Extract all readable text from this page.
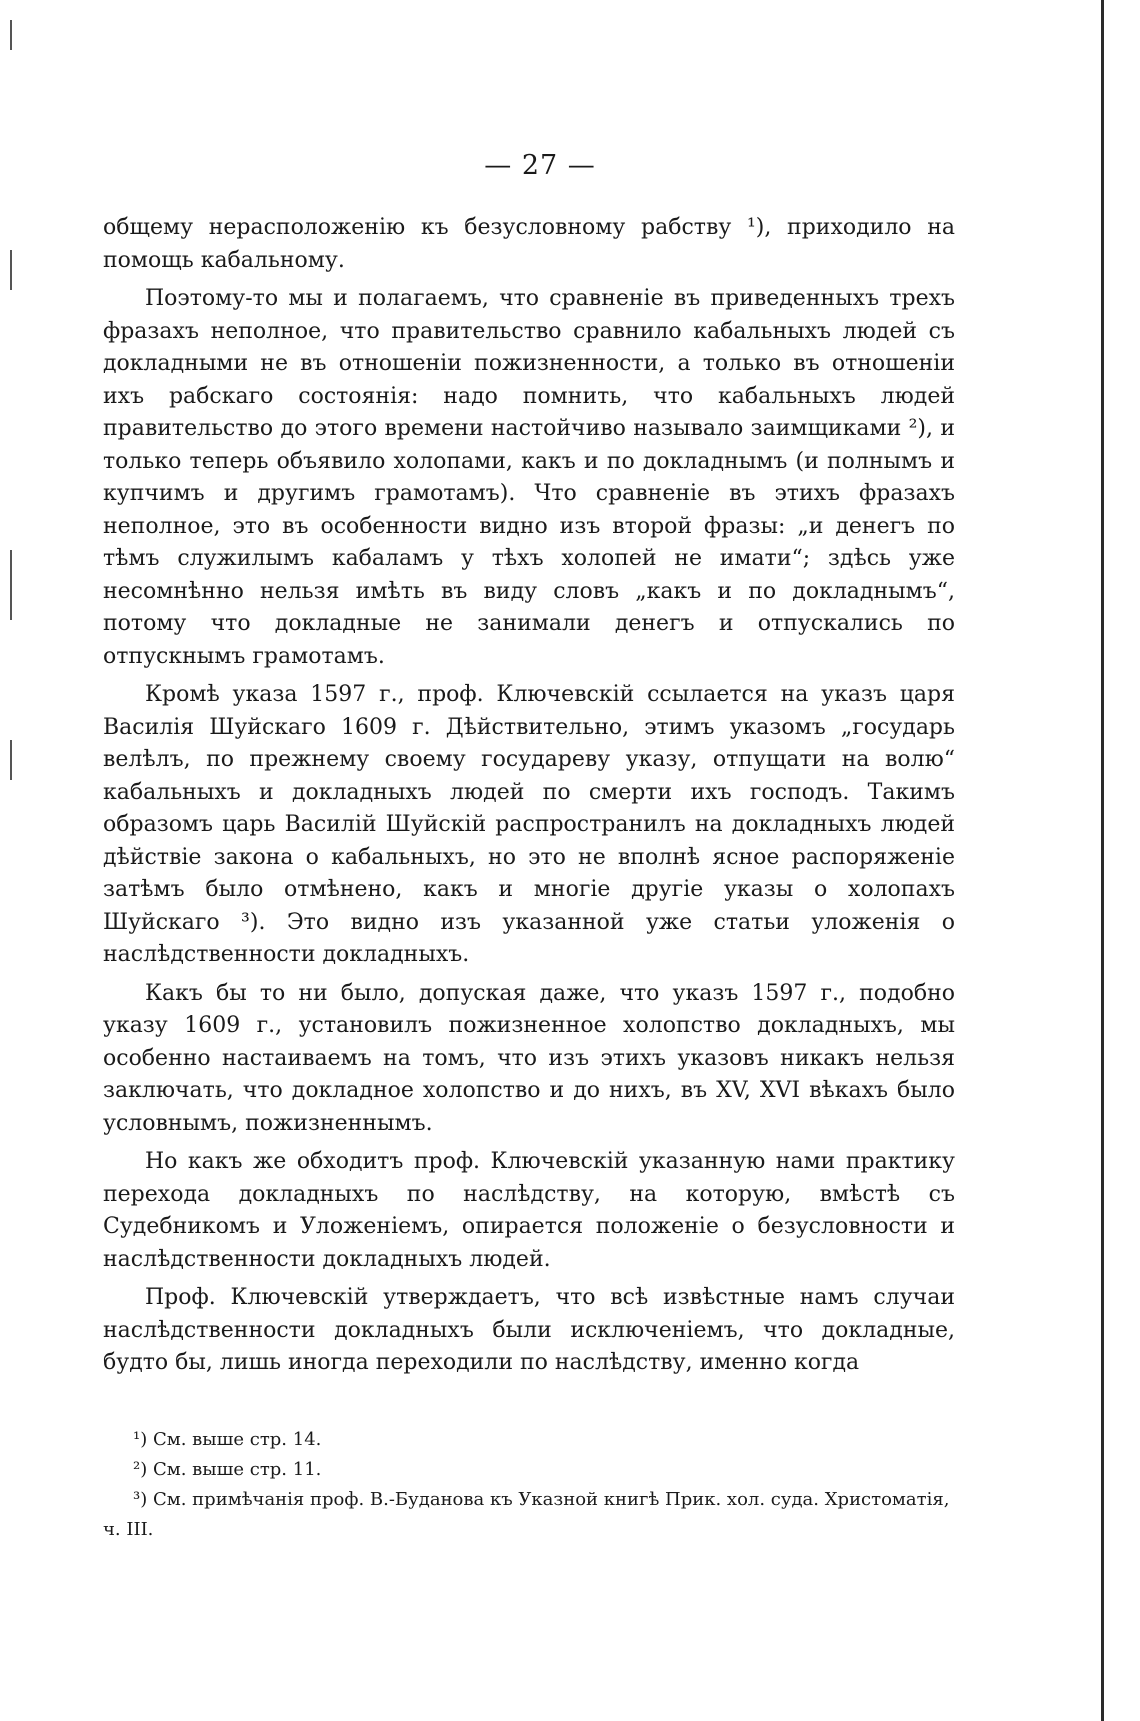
— 27 —

общему нерасположенію къ безусловному рабству ¹), приходило на помощь кабальному.

Поэтому-то мы и полагаемъ, что сравненіе въ приведенныхъ трехъ фразахъ неполное, что правительство сравнило кабальныхъ людей съ докладными не въ отношеніи пожизненности, а только въ отношеніи ихъ рабскаго состоянія: надо помнить, что кабальныхъ людей правительство до этого времени настойчиво называло заимщиками ²), и только теперь объявило холопами, какъ и по докладнымъ (и полнымъ и купчимъ и другимъ грамотамъ). Что сравненіе въ этихъ фразахъ неполное, это въ особенности видно изъ второй фразы: „и денегъ по тѣмъ служилымъ кабаламъ у тѣхъ холопей не имати“; здѣсь уже несомнѣнно нельзя имѣть въ виду словъ „какъ и по докладнымъ“, потому что докладные не занимали денегъ и отпускались по отпускнымъ грамотамъ.

Кромѣ указа 1597 г., проф. Ключевскій ссылается на указъ царя Василія Шуйскаго 1609 г. Дѣйствительно, этимъ указомъ „государь велѣлъ, по прежнему своему государеву указу, отпущати на волю“ кабальныхъ и докладныхъ людей по смерти ихъ господъ. Такимъ образомъ царь Василій Шуйскій распространилъ на докладныхъ людей дѣйствіе закона о кабальныхъ, но это не вполнѣ ясное распоряженіе затѣмъ было отмѣнено, какъ и многіе другіе указы о холопахъ Шуйскаго ³). Это видно изъ указанной уже статьи уложенія о наслѣдственности докладныхъ.

Какъ бы то ни было, допуская даже, что указъ 1597 г., подобно указу 1609 г., установилъ пожизненное холопство докладныхъ, мы особенно настаиваемъ на томъ, что изъ этихъ указовъ никакъ нельзя заключать, что докладное холопство и до нихъ, въ XV, XVI вѣкахъ было условнымъ, пожизненнымъ.

Но какъ же обходитъ проф. Ключевскій указанную нами практику перехода докладныхъ по наслѣдству, на которую, вмѣстѣ съ Судебникомъ и Уложеніемъ, опирается положеніе о безусловности и наслѣдственности докладныхъ людей.

Проф. Ключевскій утверждаетъ, что всѣ извѣстные намъ случаи наслѣдственности докладныхъ были исключеніемъ, что докладные, будто бы, лишь иногда переходили по наслѣдству, именно когда

¹) См. выше стр. 14.

²) См. выше стр. 11.

³) См. примѣчанія проф. В.-Буданова къ Указной книгѣ Прик. хол. суда. Христоматія, ч. III.
